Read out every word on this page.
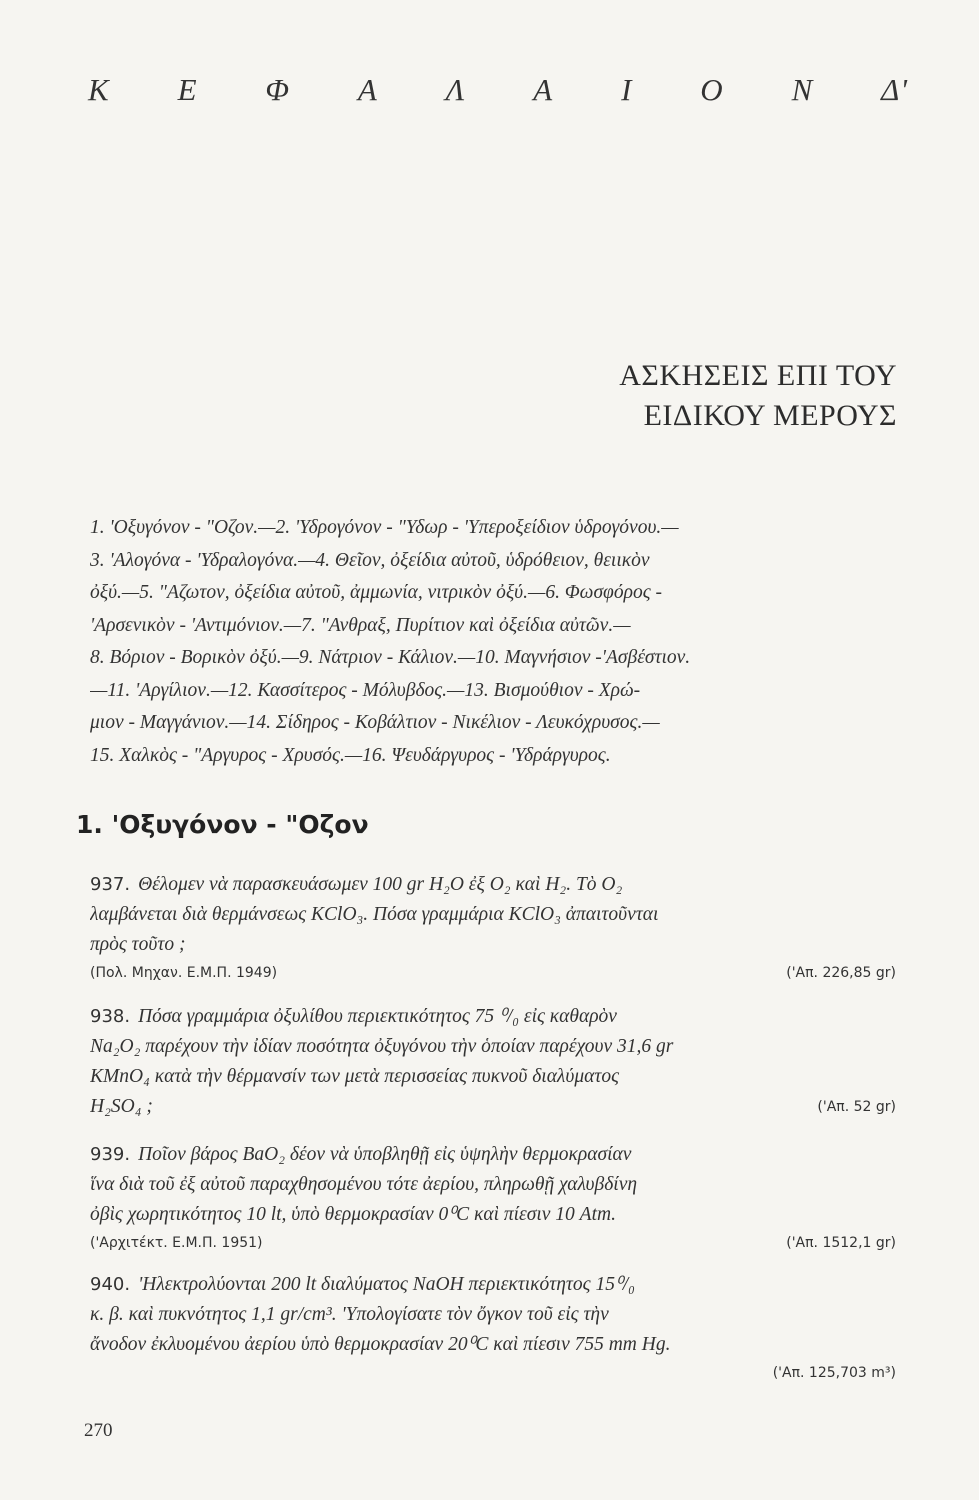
Κ Ε Φ Α Λ Α Ι Ο Ν Δ'
ΑΣΚΗΣΕΙΣ ΕΠΙ ΤΟΥ
ΕΙΔΙΚΟΥ ΜΕΡΟΥΣ
1. 'Οξυγόνον - "Οζον.—2. 'Υδρογόνον - "Υδωρ - 'Υπεροξείδιον ὑδρογόνου.—
3. 'Αλογόνα - 'Υδραλογόνα.—4. Θεῖον, ὀξείδια αὐτοῦ, ὑδρόθειον, θειικὸν
ὀξύ.—5. "Αζωτον, ὀξείδια αὐτοῦ, ἀμμωνία, νιτρικὸν ὀξύ.—6. Φωσφόρος -
'Αρσενικὸν - 'Αντιμόνιον.—7. "Ανθραξ, Πυρίτιον καὶ ὀξείδια αὐτῶν.—
8. Βόριον - Βορικὸν ὀξύ.—9. Νάτριον - Κάλιον.—10. Μαγνήσιον -'Ασβέστιον.
—11. 'Αργίλιον.—12. Κασσίτερος - Μόλυβδος.—13. Βισμούθιον - Χρώ-
μιον - Μαγγάνιον.—14. Σίδηρος - Κοβάλτιον - Νικέλιον - Λευκόχρυσος.—
15. Χαλκὸς - "Αργυρος - Χρυσός.—16. Ψευδάργυρος - 'Υδράργυρος.
1. 'Οξυγόνον - "Οζον
937. Θέλομεν νὰ παρασκευάσωμεν 100 gr H₂O ἐξ O₂ καὶ H₂. Τὸ O₂
λαμβάνεται διὰ θερμάνσεως KClO₃. Πόσα γραμμάρια KClO₃ ἀπαιτοῦνται
πρὸς τοῦτο ;
(Πολ. Μηχαν. Ε.Μ.Π. 1949)	('Απ. 226,85 gr)
938. Πόσα γραμμάρια ὀξυλίθου περιεκτικότητος 75 ⁰/₀ εἰς καθαρὸν
Na₂O₂ παρέχουν τὴν ἰδίαν ποσότητα ὀξυγόνου τὴν ὁποίαν παρέχουν 31,6 gr
KMnO₄ κατὰ τὴν θέρμανσίν των μετὰ περισσείας πυκνοῦ διαλύματος
H₂SO₄ ;	('Απ. 52 gr)
939. Ποῖον βάρος BaO₂ δέον νὰ ὑποβληθῇ εἰς ὑψηλὴν θερμοκρασίαν
ἵνα διὰ τοῦ ἐξ αὐτοῦ παραχθησομένου τότε ἀερίου, πληρωθῇ χαλυβδίνη
ὀβὶς χωρητικότητος 10 lt, ὑπὸ θερμοκρασίαν 0⁰C καὶ πίεσιν 10 Atm.
('Αρχιτέκτ. Ε.Μ.Π. 1951)	('Απ. 1512,1 gr)
940. 'Ηλεκτρολύονται 200 lt διαλύματος NaOH περιεκτικότητος 15⁰/₀
κ. β. καὶ πυκνότητος 1,1 gr/cm³. 'Υπολογίσατε τὸν ὄγκον τοῦ εἰς τὴν
ἄνοδον ἐκλυομένου ἀερίου ὑπὸ θερμοκρασίαν 20⁰C καὶ πίεσιν 755 mm Hg.
('Απ. 125,703 m³)
270
